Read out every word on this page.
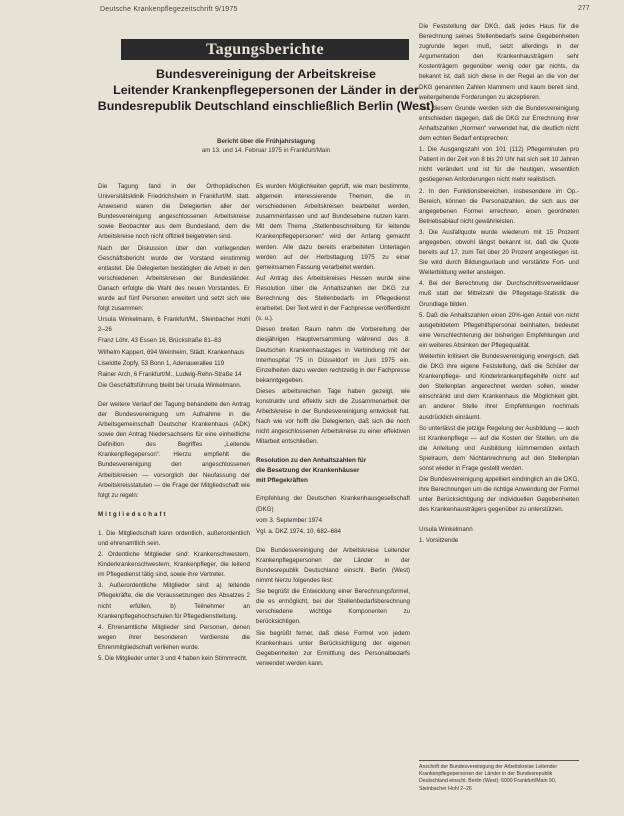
Deutsche Krankenpflegezeitschrift 9/1975	277
Tagungsberichte
Bundesvereinigung der Arbeitskreise
Leitender Krankenpflegepersonen der Länder in der
Bundesrepublik Deutschland einschließlich Berlin (West)
Bericht über die Frühjahrstagung
am 13. und 14. Februar 1975 in Frankfurt/Main

Die Tagung fand in der Orthopädischen Universitätsklinik Friedrichsheim in Frankfurt/M. statt. Anwesend waren die Delegierten aller der Bundesvereinigung angeschlossenen Arbeitskreise sowie Beobachter aus dem Bundesland, dem die Arbeitskreise noch nicht offiziell beigetreten sind.

Nach der Diskussion über den vorliegenden Geschäftsbericht wurde der Vorstand einstimmig entlastet. Die Delegierten bestätigten die Arbeit in den verschiedenen Arbeitskreisen der Bundesländer. Danach erfolgte die Wahl des neuen Vorstandes. Er wurde auf fünf Personen erweitert und setzt sich wie folgt zusammen:

Ursula Winkelmann, 6 Frankfurt/M., Steinbacher Hohl 2–26

Franz Löhr, 43 Essen 16, Brückstraße 81–83

Wilhelm Kappert, 694 Weinheim, Städt. Krankenhaus

Liselotte Zopfy, 53 Bonn 1, Adenauerallee 119

Rainer Arch, 6 Frankfurt/M., Ludwig-Rehn-Straße 14

Die Geschäftsführung bleibt bei Ursula Winkelmann.

Der weitere Verlauf der Tagung behandelte den Antrag der Bundesvereinigung um Aufnahme in die Arbeitsgemeinschaft Deutscher Krankenhaus (ADK) sowie den Antrag Niedersachsens für eine einheitliche Definition des Begriffes „Leitende Krankenpflegeperson“. Hierzu empfiehlt die Bundesvereinigung den angeschlossenen Arbeitskreisen — vorsorglich der Neufassung der Arbeitskreisstatuten — die Frage der Mitgliedschaft wie folgt zu regeln:

Mitgliedschaft

1. Die Mitgliedschaft kann ordentlich, außerordentlich und ehrenamtlich sein.

2. Ordentliche Mitglieder sind: Krankenschwestern, Kinderkrankenschwestern, Krankenpfleger, die leitend im Pflegedienst tätig sind, sowie ihre Vertreter.

3. Außerordentliche Mitglieder sind: a) leitende Pflegekräfte, die die Voraussetzungen des Absatzes 2 nicht erfüllen, b) Teilnehmer an Krankenpflegehochschulen für Pflegedienstleitung.

4. Ehrenamtliche Mitglieder sind Personen, denen wegen ihrer besonderen Verdienste die Ehrenmitgliedschaft verliehen wurde.

5. Die Mitglieder unter 3 und 4 haben kein Stimmrecht.

Es wurden Möglichkeiten geprüft, wie man bestimmte, allgemein interessierende Themen, die in verschiedenen Arbeitskreisen bearbeitet werden, zusammenfassen und auf Bundesebene nutzen kann. Mit dem Thema „Stellenbeschreibung für leitende Krankenpflegepersonen“ wird der Anfang gemacht werden. Alle dazu bereits erarbeiteten Unterlagen werden auf der Herbsttagung 1975 zu einer gemeinsamen Fassung verarbeitet werden.

Auf Antrag des Arbeitskreises Hessen wurde eine Resolution über die Anhaltszahlen der DKG zur Berechnung des Stellenbedarfs im Pflegedienst erarbeitet. Der Text wird in der Fachpresse veröffentlicht (s. u.).

Diesen breiten Raum nahm die Vorbereitung der diesjährigen Hauptversammlung während des 8. Deutschen Krankenhaustages in Verbindung mit der Interhospital '75 in Düsseldorf im Juni 1975 ein. Einzelheiten dazu werden rechtzeitig in der Fachpresse bekanntgegeben.

Dieses arbeitsreichen Tage haben gezeigt, wie konstruktiv und effektiv sich die Zusammenarbeit der Arbeitskreise in der Bundesvereinigung entwickelt hat. Nach wie vor hofft die Delegierten, daß sich die noch nicht angeschlossenen Arbeitskreise zu einer effektiven Mitarbeit entschließen.

Resolution zu den Anhaltszahlen für

die Besetzung der Krankenhäuser

mit Pflegekräften

Empfehlung der Deutschen Krankenhausgesellschaft (DKG)

vom 3. September 1974

Vgl. a. DKZ 1974, 10, 682–684

Die Bundesvereinigung der Arbeitskreise Leitender Krankenpflegepersonen der Länder in der Bundesrepublik Deutschland einschl. Berlin (West) nimmt hierzu folgendes fest:

Sie begrüßt die Entwicklung einer Berechnungsformel, die es ermöglicht, bei der Stellenbedarfsberechnung verschiedene wichtige Komponenten zu berücksichtigen.

Sie begrüßt ferner, daß diese Formel von jedem Krankenhaus unter Berücksichtigung der eigenen Gegebenheiten zur Ermittlung des Personalbedarfs verwendet werden kann.

Die Feststellung der DKG, daß jedes Haus für die Berechnung seines Stellenbedarfs seine Gegebenheiten zugrunde legen muß, setzt allerdings in der Argumentation den Krankenhausträgern sehr Kostenträgern gegenüber wenig oder gar nichts, da bekannt ist, daß sich diese in der Regel an die von der DKG genannten Zahlen klammern und kaum bereit sind, weitergehende Forderungen zu akzeptieren.

Aus diesem Grunde werden sich die Bundesvereinigung entschieden dagegen, daß die DKG zur Errechnung ihrer Anhaltszahlen „Normen“ verwendet hat, die deutlich nicht dem echten Bedarf entsprechen:

1. Die Ausgangszahl von 101 (112) Pflegeminuten pro Patient in der Zeit von 8 bis 20 Uhr hat sich seit 10 Jahren nicht verändert und ist für die heutigen, wesentlich gestiegenen Anforderungen nicht mehr realistisch.

2. In den Funktionsbereichen, insbesondere im Op.-Bereich, können die Personalzahlen, die sich aus der angegebenen Formel errechnen, einen geordneten Betriebsablauf nicht gewährleisten.

3. Die Ausfallquote wurde wiederum mit 15 Prozent angegeben, obwohl längst bekannt ist, daß die Quote bereits auf 17, zum Teil über 20 Prozent angestiegen ist. Sie wird durch Bildungsurlaub und verstärkte Fort- und Weiterbildung weiter ansteigen.

4. Bei der Berechnung der Durchschnittsverweildauer muß statt der Mittelzahl die Pflegetage-Statistik die Grundlage bilden.

5. Daß die Anhaltszahlen einen 20%-igen Anteil von nicht ausgebildetem Pflegehilfspersonal beinhalten, bedeutet eine Verschlechterung der bisherigen Empfehlungen und ein weiteres Absinken der Pflegequalität.

Weiterhin kritisiert die Bundesvereinigung energisch, daß die DKG ihre eigene Feststellung, daß die Schüler der Krankenpflege- und Kinderkrankenpflegehilfe nicht auf den Stellenplan angerechnet werden sollen, wieder einschränkt und dem Krankenhaus die Möglichkeit gibt, an anderer Stelle ihrer Empfehlungen nochmals ausdrücklich einräumt.

So unterlässt die jetzige Regelung der Ausbildung — auch ist Krankenpflege — auf die Kosten der Stellen, um die die Anleitung und Ausbildung kümmernden einfach Spielraum, dem Nichtanrechnung auf den Stellenplan sonst wieder in Frage gestellt werden.

Die Bundesvereinigung appelliert eindringlich an die DKG, ihre Berechnungen um die richtige Anwendung der Formel unter Berücksichtigung der individuellen Gegebenheiten des Krankenhausträgers gegenüber zu unterstützen.

Ursula Winkelmann

1. Vorsitzende

Anschrift der Bundesvereinigung der Arbeitskreise Leitender Krankenpflegepersonen der Länder in der Bundesrepublik Deutschland einschl. Berlin (West): 6000 Frankfurt/Main 90, Steinbacher Hohl 2–26
